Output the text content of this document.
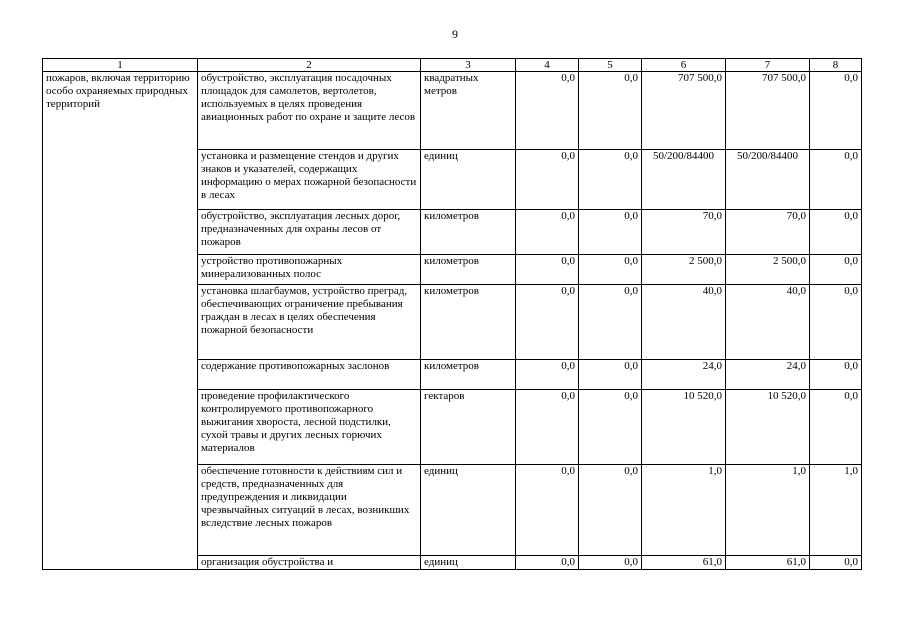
9
1	2	3	4	5	6	7	8
пожаров, включая территорию особо охраняемых природных территорий	обустройство, эксплуатация посадочных площадок для самолетов, вертолетов, используемых в целях проведения авиационных работ по охране и защите лесов	квадратных метров	0,0	0,0	707 500,0	707 500,0	0,0
	установка и размещение стендов и других знаков и указателей, содержащих информацию о мерах пожарной безопасности в лесах	единиц	0,0	0,0	50/200/84400	50/200/84400	0,0
	обустройство, эксплуатация лесных дорог, предназначенных для охраны лесов от пожаров	километров	0,0	0,0	70,0	70,0	0,0
	устройство противопожарных минерализованных полос	километров	0,0	0,0	2 500,0	2 500,0	0,0
	установка шлагбаумов, устройство преград, обеспечивающих ограничение пребывания граждан в лесах в целях обеспечения пожарной безопасности	километров	0,0	0,0	40,0	40,0	0,0
	содержание противопожарных заслонов	километров	0,0	0,0	24,0	24,0	0,0
	проведение профилактического контролируемого противопожарного выжигания хвороста, лесной подстилки, сухой травы и других лесных горючих материалов	гектаров	0,0	0,0	10 520,0	10 520,0	0,0
	обеспечение готовности к действиям сил и средств, предназначенных для предупреждения и ликвидации чрезвычайных ситуаций в лесах, возникших вследствие лесных пожаров	единиц	0,0	0,0	1,0	1,0	1,0
	организация обустройства и	единиц	0,0	0,0	61,0	61,0	0,0
